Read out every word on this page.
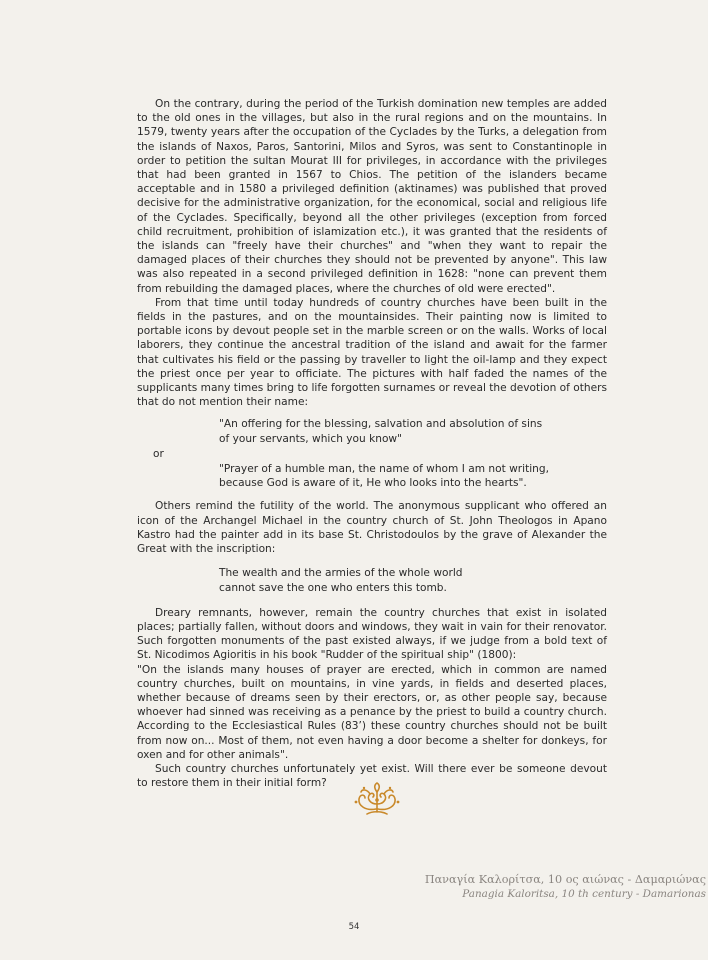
On the contrary, during the period of the Turkish domination new temples are added to the old ones in the villages, but also in the rural regions and on the mountains. In 1579, twenty years after the occupation of the Cyclades by the Turks, a delegation from the islands of Naxos, Paros, Santorini, Milos and Syros, was sent to Constantinople in order to petition the sultan Mourat III for privileges, in accordance with the privileges that had been granted in 1567 to Chios. The petition of the islanders became acceptable and in 1580 a privileged definition (aktinames) was published that proved decisive for the administrative organization, for the economical, social and religious life of the Cyclades. Specifically, beyond all the other privileges (exception from forced child recruitment, prohibition of islamization etc.), it was granted that the residents of the islands can "freely have their churches" and "when they want to repair the damaged places of their churches they should not be prevented by anyone". This law was also repeated in a second privileged definition in 1628: "none can prevent them from rebuilding the damaged places, where the churches of old were erected".

From that time until today hundreds of country churches have been built in the fields in the pastures, and on the mountainsides. Their painting now is limited to portable icons by devout people set in the marble screen or on the walls. Works of local laborers, they continue the ancestral tradition of the island and await for the farmer that cultivates his field or the passing by traveller to light the oil-lamp and they expect the priest once per year to officiate. The pictures with half faded the names of the supplicants many times bring to life forgotten surnames or reveal the devotion of others that do not mention their name:

"An offering for the blessing, salvation and absolution of sins
of your servants, which you know"
or
"Prayer of a humble man, the name of whom I am not writing,
because God is aware of it, He who looks into the hearts".

Others remind the futility of the world. The anonymous supplicant who offered an icon of the Archangel Michael in the country church of St. John Theologos in Apano Kastro had the painter add in its base St. Christodoulos by the grave of Alexander the Great with the inscription:

The wealth and the armies of the whole world
cannot save the one who enters this tomb.

Dreary remnants, however, remain the country churches that exist in isolated places; partially fallen, without doors and windows, they wait in vain for their renovator. Such forgotten monuments of the past existed always, if we judge from a bold text of St. Nicodimos Agioritis in his book "Rudder of the spiritual ship" (1800):

"On the islands many houses of prayer are erected, which in common are named country churches, built on mountains, in vine yards, in fields and deserted places, whether because of dreams seen by their erectors, or, as other people say, because whoever had sinned was receiving as a penance by the priest to build a country church. According to the Ecclesiastical Rules (83’) these country churches should not be built from now on... Most of them, not even having a door become a shelter for donkeys, for oxen and for other animals".

Such country churches unfortunately yet exist. Will there ever be someone devout to restore them in their initial form?

Παναγία Καλορίτσα, 10 ος αιώνας - Δαμαριώνας
Panagia Kaloritsa, 10 th century - Damarionas
54
